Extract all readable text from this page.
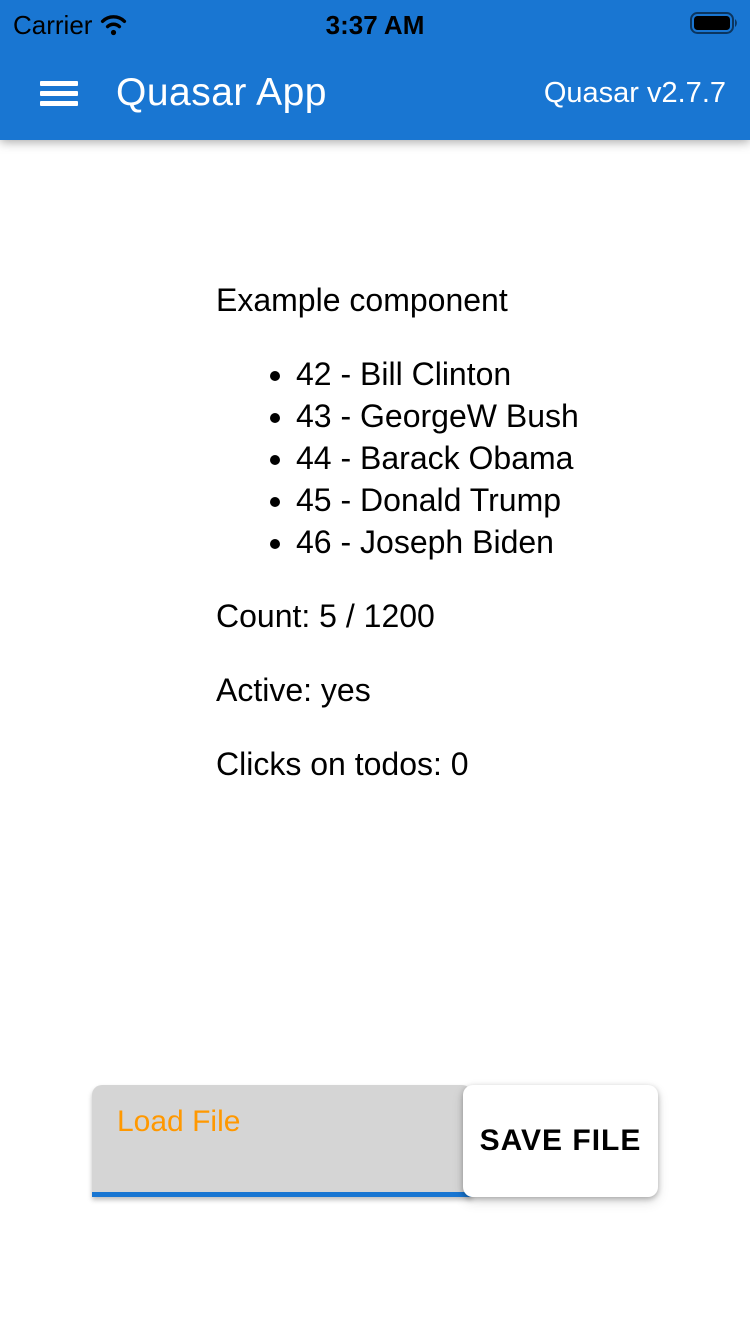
Carrier	3:37 AM
Quasar App	Quasar v2.7.7

Example component

• 42 - Bill Clinton
• 43 - GeorgeW Bush
• 44 - Barack Obama
• 45 - Donald Trump
• 46 - Joseph Biden

Count: 5 / 1200

Active: yes

Clicks on todos: 0

Load File
SAVE FILE
